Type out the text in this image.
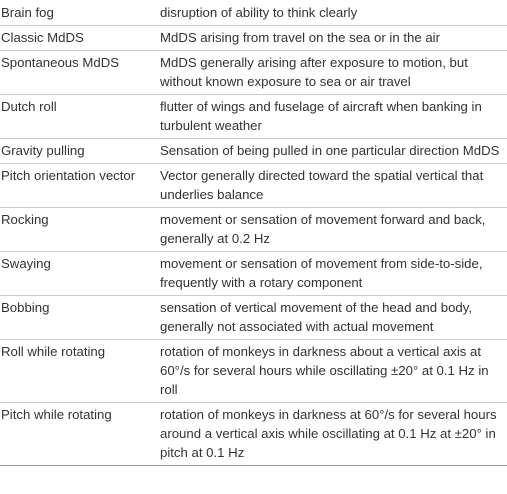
Brain fog	disruption of ability to think clearly
Classic MdDS	MdDS arising from travel on the sea or in the air
Spontaneous MdDS	MdDS generally arising after exposure to motion, but without known exposure to sea or air travel
Dutch roll	flutter of wings and fuselage of aircraft when banking in turbulent weather
Gravity pulling	Sensation of being pulled in one particular direction MdDS
Pitch orientation vector	Vector generally directed toward the spatial vertical that underlies balance
Rocking	movement or sensation of movement forward and back, generally at 0.2 Hz
Swaying	movement or sensation of movement from side-to-side, frequently with a rotary component
Bobbing	sensation of vertical movement of the head and body, generally not associated with actual movement
Roll while rotating	rotation of monkeys in darkness about a vertical axis at 60°/s for several hours while oscillating ±20° at 0.1 Hz in roll
Pitch while rotating	rotation of monkeys in darkness at 60°/s for several hours around a vertical axis while oscillating at 0.1 Hz at ±20° in pitch at 0.1 Hz
